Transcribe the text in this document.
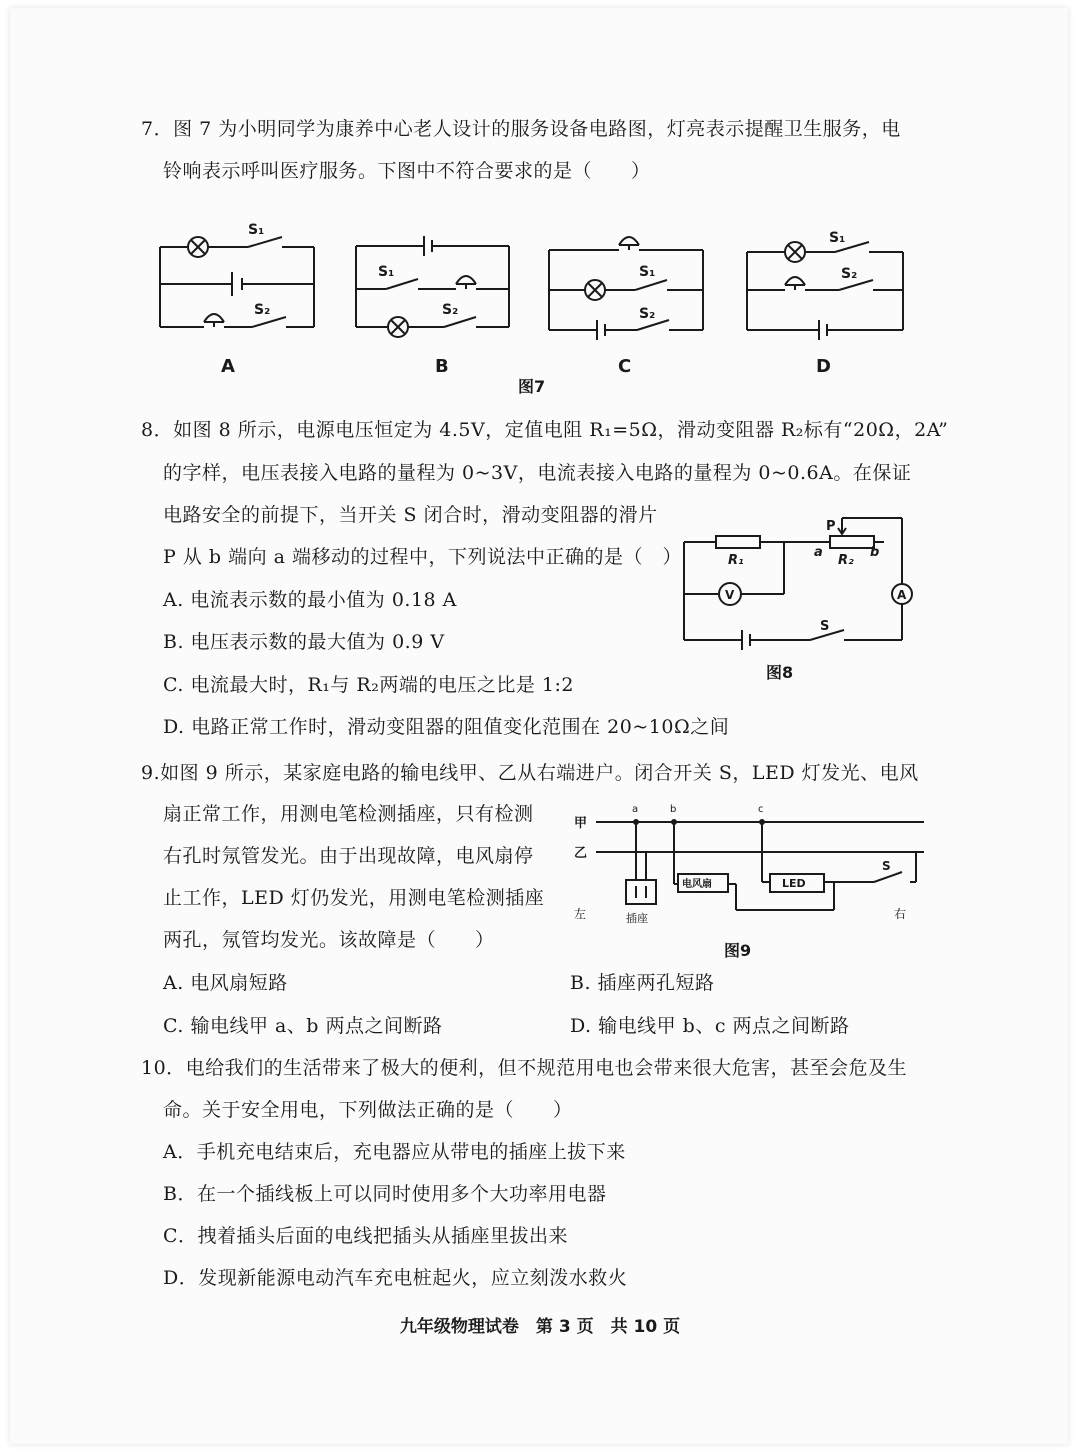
7．图 7 为小明同学为康养中心老人设计的服务设备电路图，灯亮表示提醒卫生服务，电
铃响表示呼叫医疗服务。下图中不符合要求的是（　　）
S₁
S₂
S₁
S₂
S₁
S₂
S₁
S₂
A	B	C	D
图7
8．如图 8 所示，电源电压恒定为 4.5V，定值电阻 R₁=5Ω，滑动变阻器 R₂标有“20Ω，2A”
的字样，电压表接入电路的量程为 0~3V，电流表接入电路的量程为 0~0.6A。在保证
电路安全的前提下，当开关 S 闭合时，滑动变阻器的滑片
P 从 b 端向 a 端移动的过程中，下列说法中正确的是（　）
A. 电流表示数的最小值为 0.18 A
B. 电压表示数的最大值为 0.9 V
C. 电流最大时，R₁与 R₂两端的电压之比是 1:2
D. 电路正常工作时，滑动变阻器的阻值变化范围在 20~10Ω之间
R₁	R₂
P
a	b
S
V	A
图8
9.如图 9 所示，某家庭电路的输电线甲、乙从右端进户。闭合开关 S，LED 灯发光、电风
扇正常工作，用测电笔检测插座，只有检测
右孔时氖管发光。由于出现故障，电风扇停
止工作，LED 灯仍发光，用测电笔检测插座
两孔，氖管均发光。该故障是（　　）
A. 电风扇短路	B. 插座两孔短路
C. 输电线甲 a、b 两点之间断路	D. 输电线甲 b、c 两点之间断路
甲
乙
a	b	c
电风扇	LED
插座
左	右
S
图9
10．电给我们的生活带来了极大的便利，但不规范用电也会带来很大危害，甚至会危及生
命。关于安全用电，下列做法正确的是（　　）
A．手机充电结束后，充电器应从带电的插座上拔下来
B．在一个插线板上可以同时使用多个大功率用电器
C．拽着插头后面的电线把插头从插座里拔出来
D．发现新能源电动汽车充电桩起火，应立刻泼水救火
九年级物理试卷　第 3 页　共 10 页
